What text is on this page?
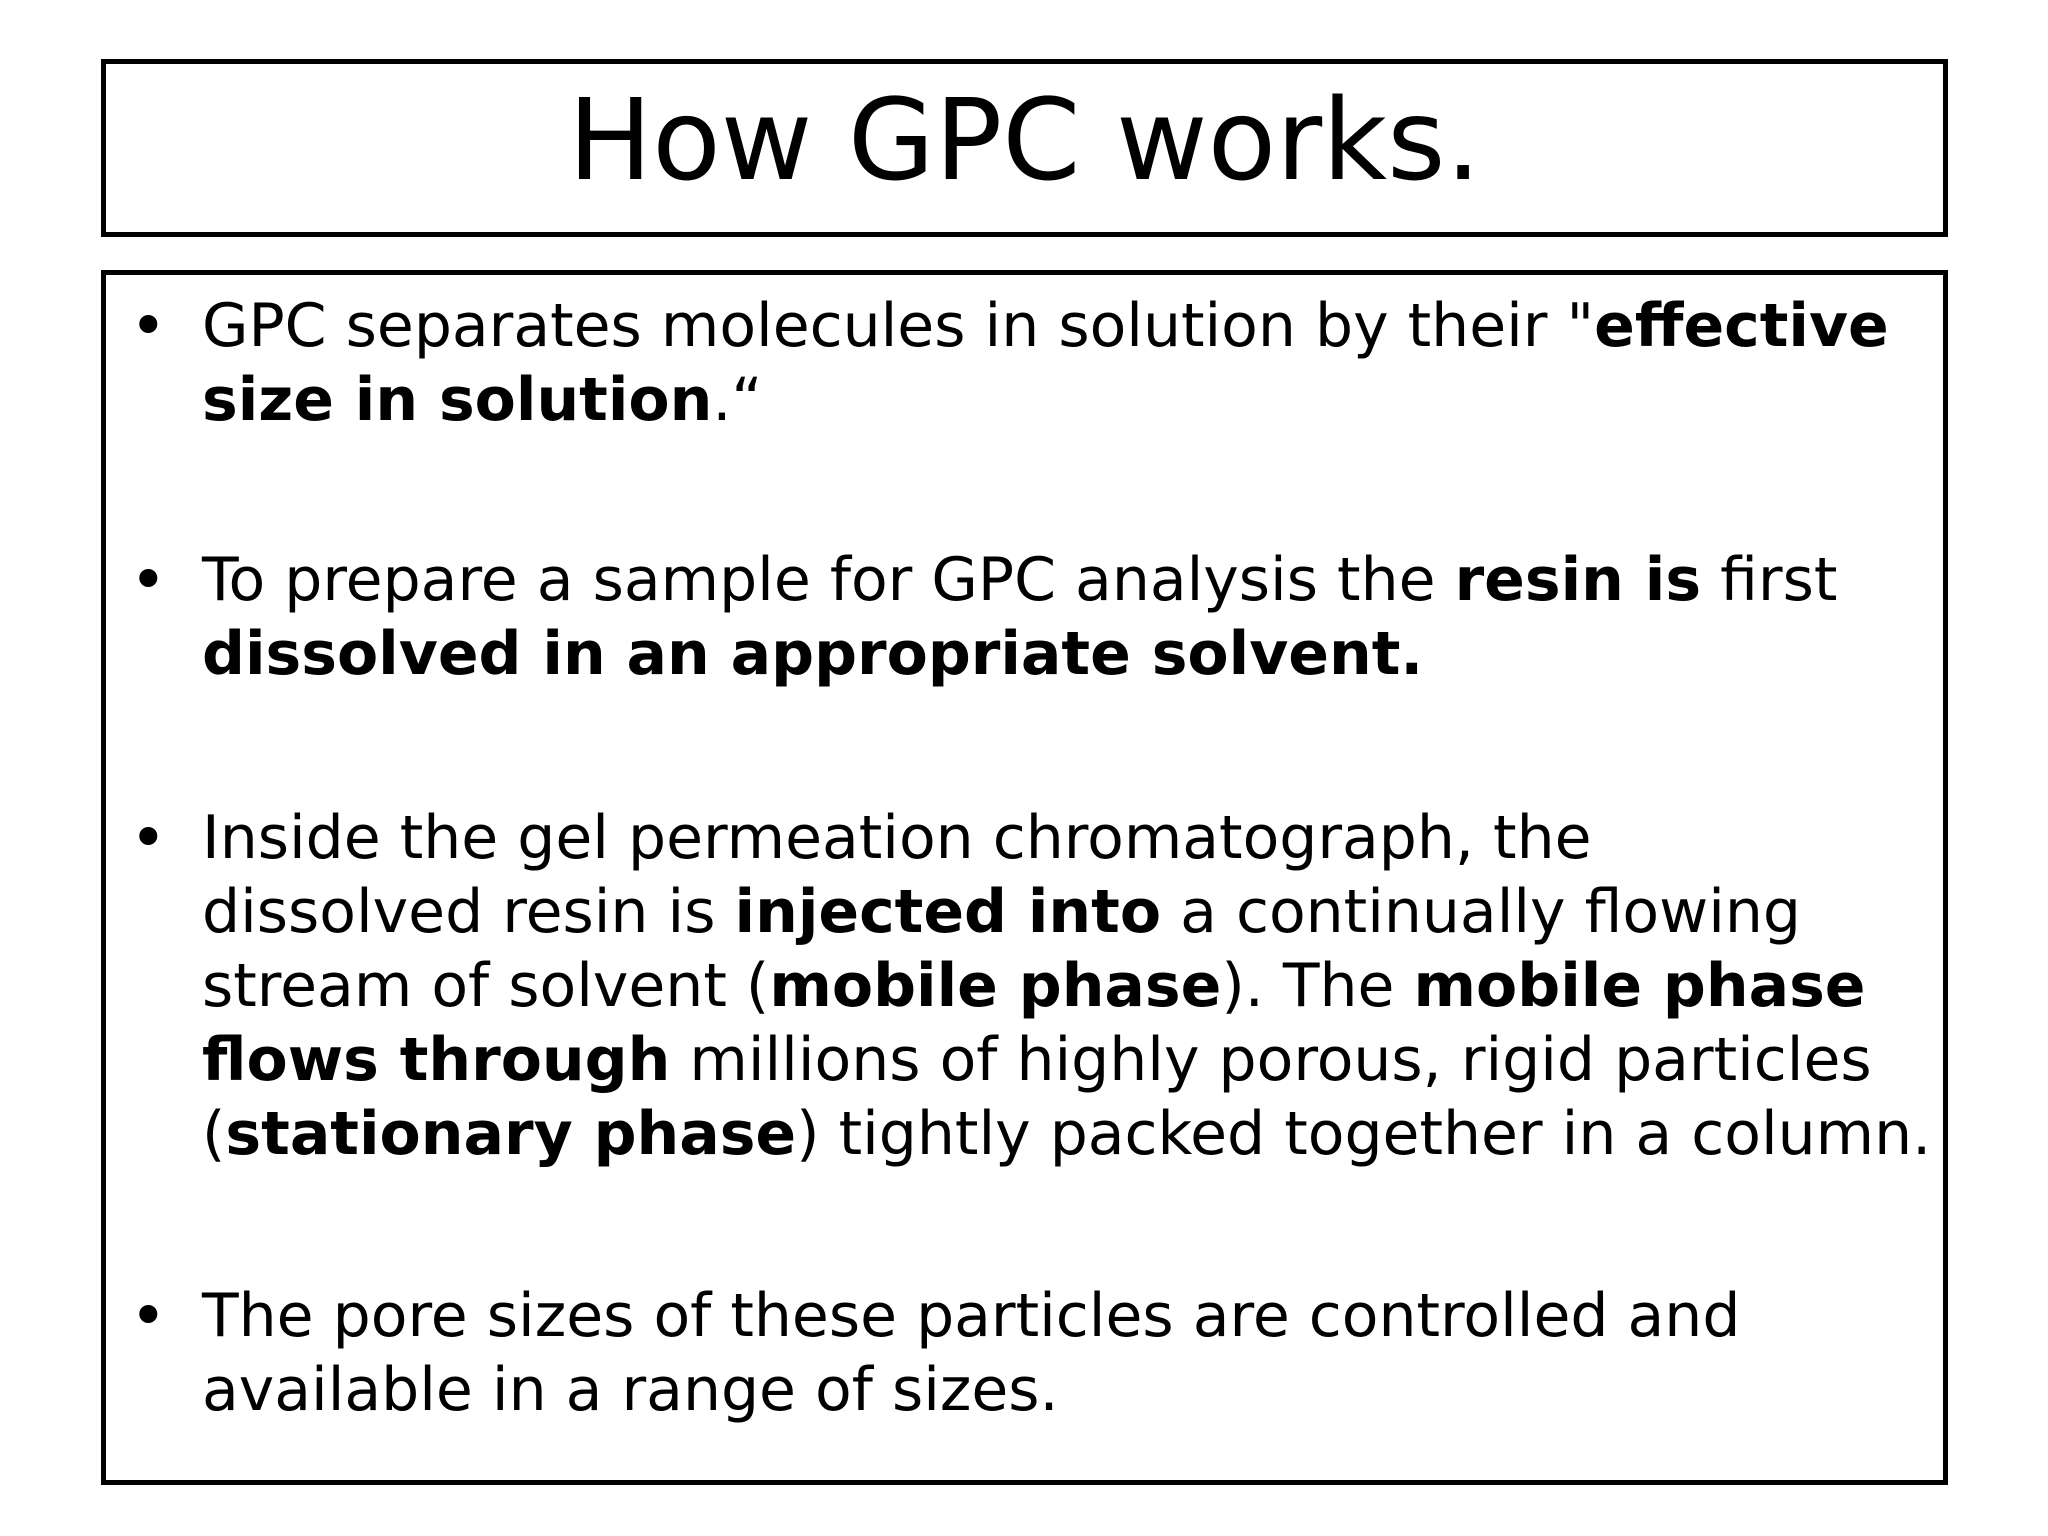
How GPC works.
• GPC separates molecules in solution by their "effective
size in solution.“
• To prepare a sample for GPC analysis the resin is first
dissolved in an appropriate solvent.
• Inside the gel permeation chromatograph, the
dissolved resin is injected into a continually flowing
stream of solvent (mobile phase). The mobile phase
flows through millions of highly porous, rigid particles
(stationary phase) tightly packed together in a column.
• The pore sizes of these particles are controlled and
available in a range of sizes.
